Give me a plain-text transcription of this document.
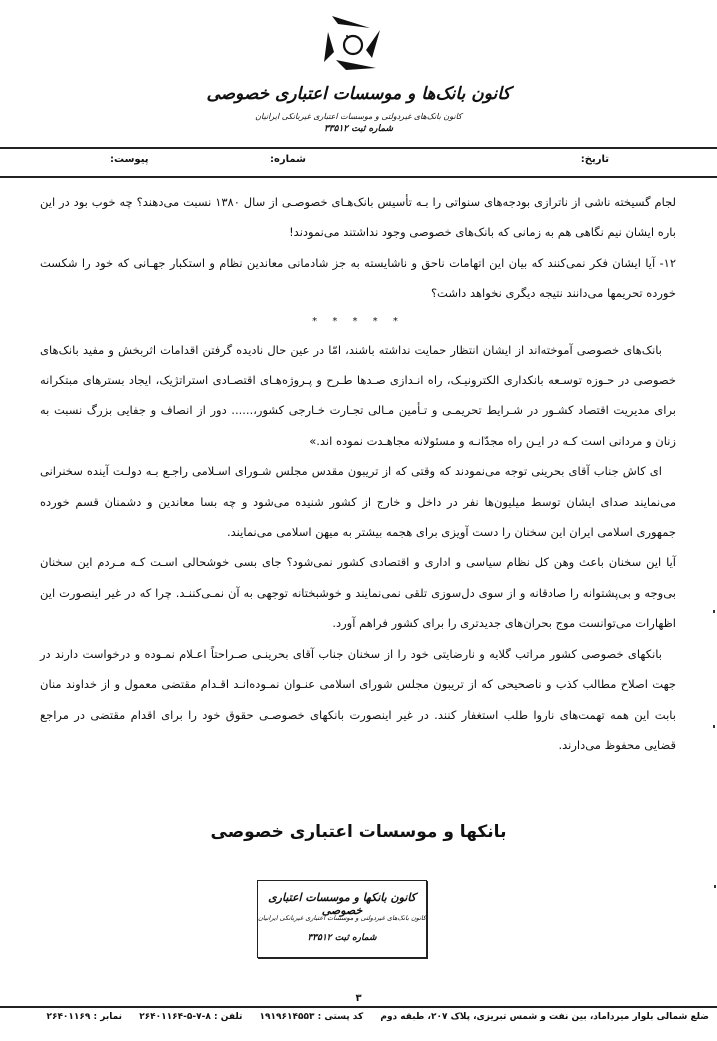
کانون بانک‌ها و موسسات اعتباری خصوصی
کانون بانک‌های غیردولتی و موسسات اعتباری غیربانکی ایرانیان
شماره ثبت ۳۳۵۱۲
تاریخ:
شماره:
پیوست:

لجام گسیخته ناشی از ناترازی بودجه‌های سنواتی را بـه تأسیس بانک‌هـای خصوصـی از سال ۱۳۸۰ نسبت می‌دهند؟ چه خوب بود در این باره ایشان نیم نگاهی هم به زمانی که بانک‌های خصوصی وجود نداشتند می‌نمودند!

۱۲- آیا ایشان فکر نمی‌کنند که بیان این اتهامات ناحق و ناشایسته به جز شادمانی معاندین نظام و استکبار جهـانی که خود را شکست خورده تحریمها می‌دانند نتیجه دیگری نخواهد داشت؟

* * * * *

بانک‌های خصوصی آموخته‌اند از ایشان انتظار حمایت نداشته باشند، امّا در عین حال نادیده گرفتن اقدامات اثربخش و مفید بانک‌های خصوصی در حـوزه توسـعه بانکداری الکترونیـک، راه انـدازی صـدها طـرح و پـروژه‌هـای اقتصـادی استراتژیک، ایجاد بسترهای مبتکرانه برای مدیریت اقتصاد کشـور در شـرایط تحریمـی و تـأمین مـالی تجـارت خـارجی کشور،...... دور از انصاف و جفایی بزرگ نسبت به زنان و مردانی است کـه در ایـن راه مجدّانـه و مسئولانه مجاهـدت نموده اند.»

ای کاش جناب آقای بحرینی توجه می‌نمودند که وقتی که از تریبون مقدس مجلس شـورای اسـلامی راجـع بـه دولـت آینده سخنرانی می‌نمایند صدای ایشان توسط میلیون‌ها نفر در داخل و خارج از کشور شنیده می‌شود و چه بسا معاندین و دشمنان قسم خورده جمهوری اسلامی ایران این سخنان را دست آویزی برای هجمه بیشتر به میهن اسلامی می‌نمایند.

آیا این سخنان باعث وهن کل نظام سیاسی و اداری و اقتصادی کشور نمی‌شود؟ جای بسی خوشحالی اسـت کـه مـردم این سخنان بی‌وجه و بی‌پشتوانه را صادقانه و از سوی دل‌سوزی تلقی نمی‌نمایند و خوشبختانه توجهی به آن نمـی‌کننـد. چرا که در غیر اینصورت این اظهارات می‌توانست موج بحران‌های جدیدتری را برای کشور فراهم آورد.

بانکهای خصوصی کشور مراتب گلایه و نارضایتی خود را از سخنان جناب آقای بحرینـی صـراحتاً اعـلام نمـوده و درخواست دارند در جهت اصلاح مطالب کذب و ناصحیحی که از تریبون مجلس شورای اسلامی عنـوان نمـوده‌انـد اقـدام مقتضی معمول و از خداوند منان بابت این همه تهمت‌های ناروا طلب استغفار کنند. در غیر اینصورت بانکهای خصوصـی حقوق خود را برای اقدام مقتضی در مراجع قضایی محفوظ می‌دارند.

بانکها و موسسات اعتباری خصوصی
کانون بانکها و موسسات اعتباری خصوصی
کانون بانک‌های غیردولتی و موسسات اعتباری غیربانکی ایرانیان
شماره ثبت ۳۳۵۱۲
۳
ضلع شمالی بلوار میرداماد، بین نفت و شمس تبریزی، پلاک ۲۰۷، طبقه دوم کد پستی : ۱۹۱۹۶۱۴۵۵۳ تلفن : ۸-۷-۵-۲۶۴۰۱۱۶۴ نمابر : ۲۶۴۰۱۱۶۹
